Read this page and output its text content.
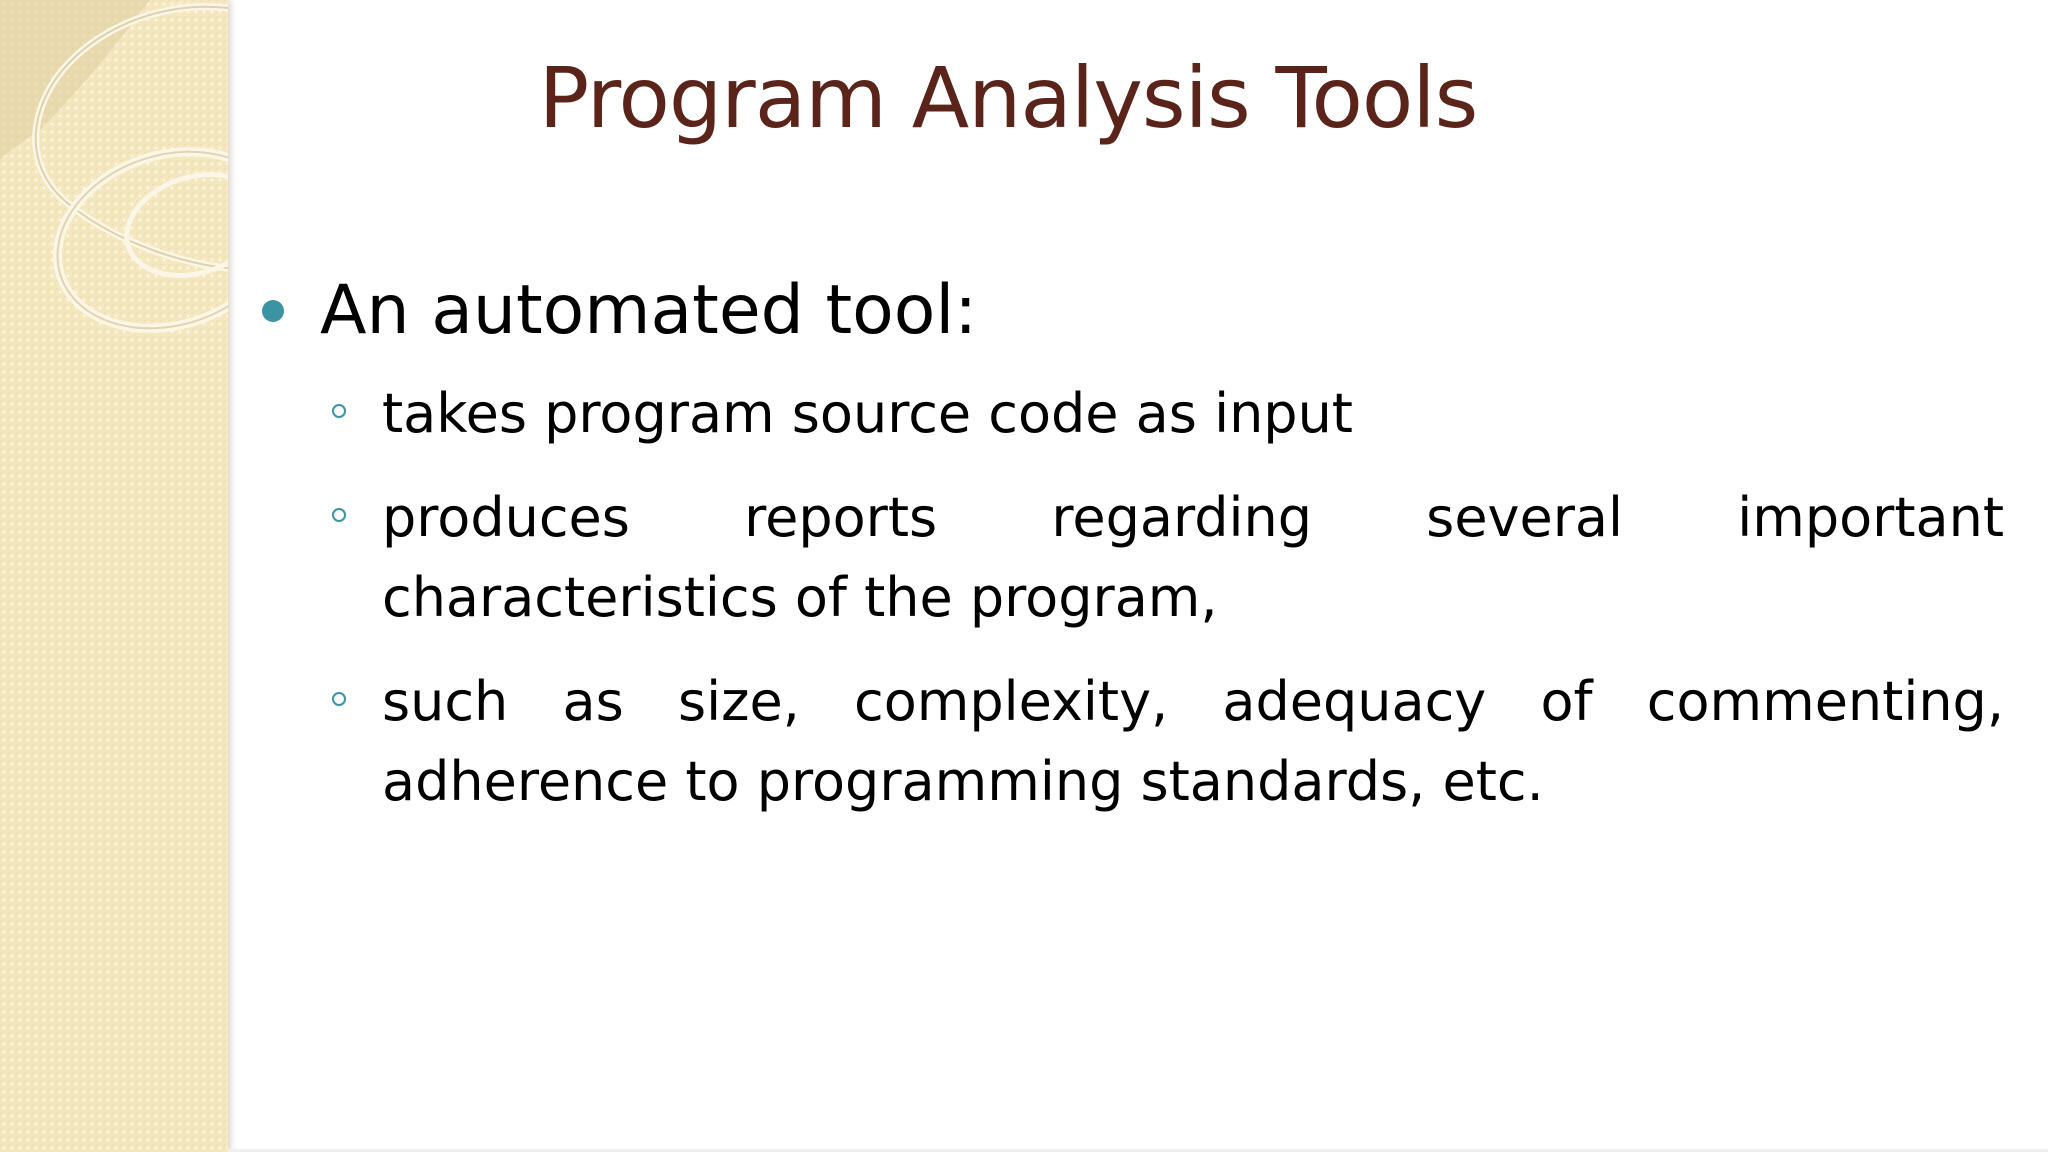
Program Analysis Tools
An automated tool:
takes program source code as input
produces reports regarding several important characteristics of the program,
such as size, complexity, adequacy of commenting, adherence to programming standards, etc.
